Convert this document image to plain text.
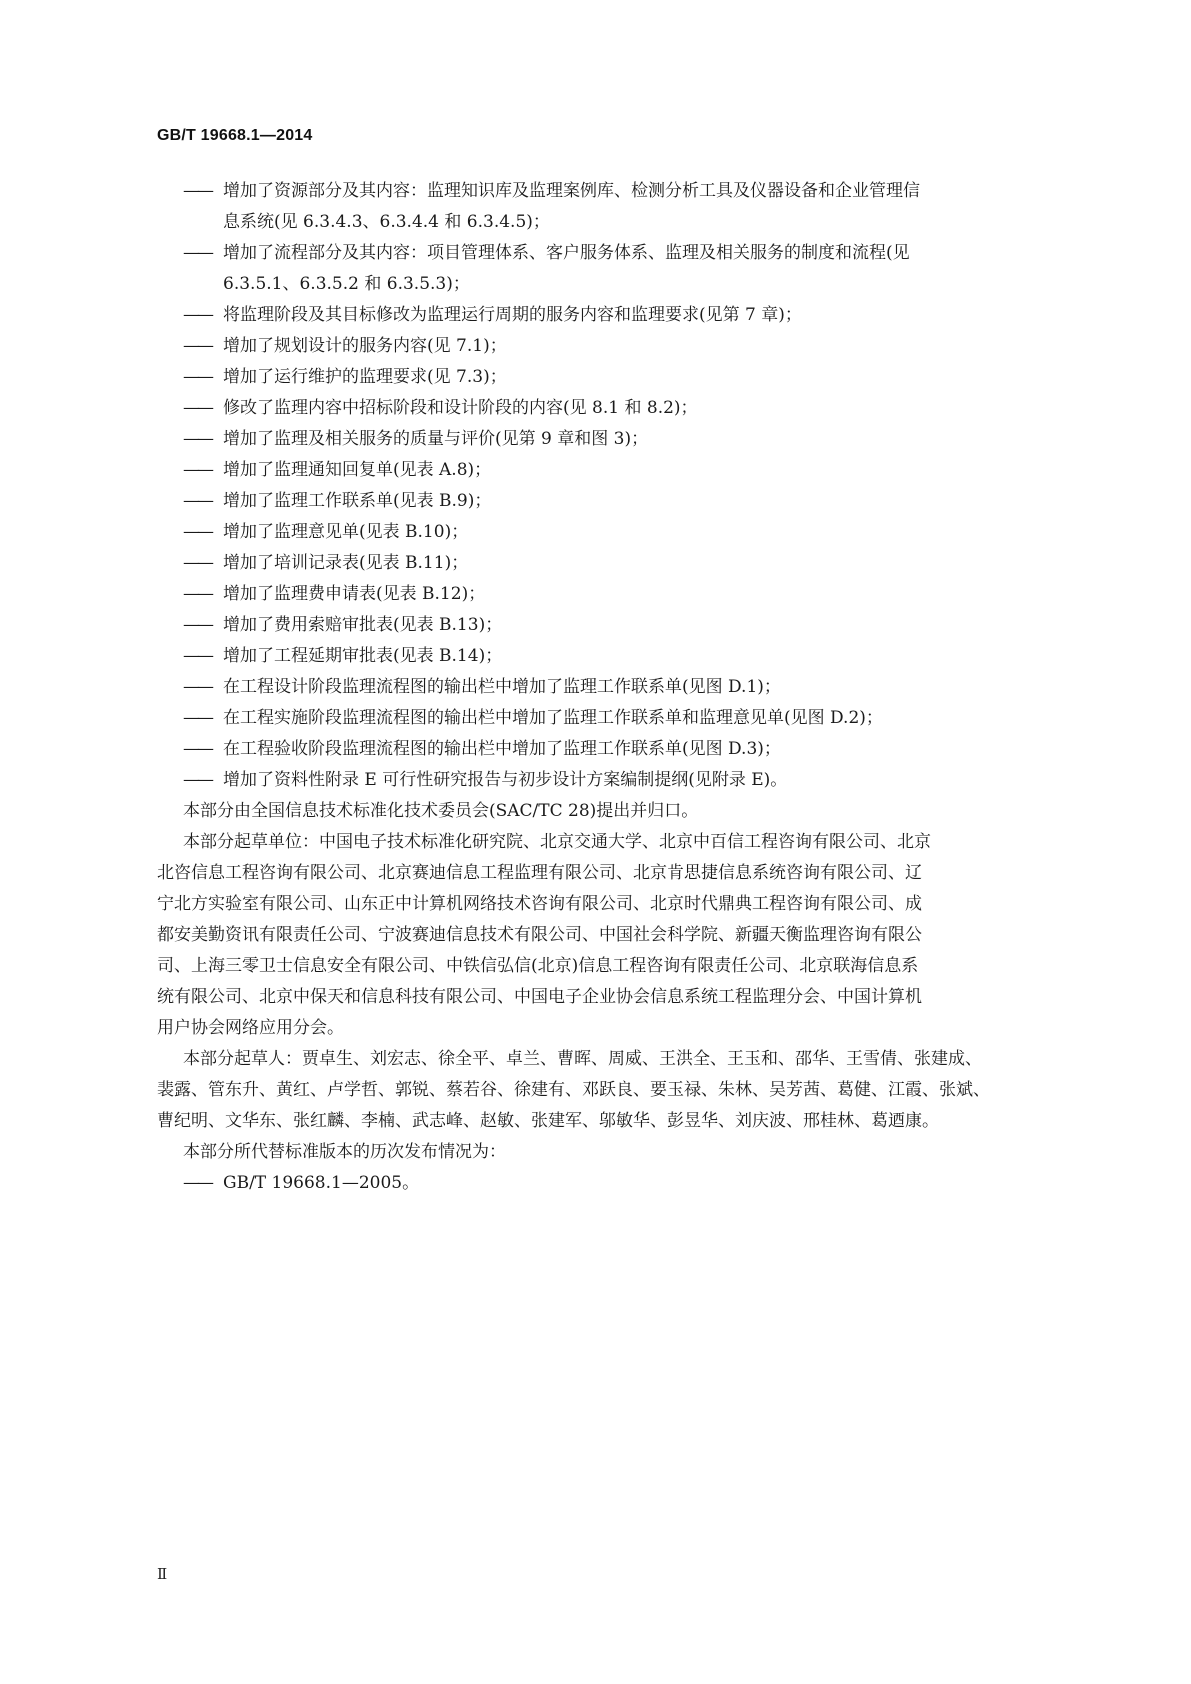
GB/T 19668.1—2014
—— 增加了资源部分及其内容：监理知识库及监理案例库、检测分析工具及仪器设备和企业管理信
息系统(见 6.3.4.3、6.3.4.4 和 6.3.4.5)；
—— 增加了流程部分及其内容：项目管理体系、客户服务体系、监理及相关服务的制度和流程(见
6.3.5.1、6.3.5.2 和 6.3.5.3)；
—— 将监理阶段及其目标修改为监理运行周期的服务内容和监理要求(见第 7 章)；
—— 增加了规划设计的服务内容(见 7.1)；
—— 增加了运行维护的监理要求(见 7.3)；
—— 修改了监理内容中招标阶段和设计阶段的内容(见 8.1 和 8.2)；
—— 增加了监理及相关服务的质量与评价(见第 9 章和图 3)；
—— 增加了监理通知回复单(见表 A.8)；
—— 增加了监理工作联系单(见表 B.9)；
—— 增加了监理意见单(见表 B.10)；
—— 增加了培训记录表(见表 B.11)；
—— 增加了监理费申请表(见表 B.12)；
—— 增加了费用索赔审批表(见表 B.13)；
—— 增加了工程延期审批表(见表 B.14)；
—— 在工程设计阶段监理流程图的输出栏中增加了监理工作联系单(见图 D.1)；
—— 在工程实施阶段监理流程图的输出栏中增加了监理工作联系单和监理意见单(见图 D.2)；
—— 在工程验收阶段监理流程图的输出栏中增加了监理工作联系单(见图 D.3)；
—— 增加了资料性附录 E 可行性研究报告与初步设计方案编制提纲(见附录 E)。
本部分由全国信息技术标准化技术委员会(SAC/TC 28)提出并归口。
本部分起草单位：中国电子技术标准化研究院、北京交通大学、北京中百信工程咨询有限公司、北京
北咨信息工程咨询有限公司、北京赛迪信息工程监理有限公司、北京肯思捷信息系统咨询有限公司、辽
宁北方实验室有限公司、山东正中计算机网络技术咨询有限公司、北京时代鼎典工程咨询有限公司、成
都安美勤资讯有限责任公司、宁波赛迪信息技术有限公司、中国社会科学院、新疆天衡监理咨询有限公
司、上海三零卫士信息安全有限公司、中铁信弘信(北京)信息工程咨询有限责任公司、北京联海信息系
统有限公司、北京中保天和信息科技有限公司、中国电子企业协会信息系统工程监理分会、中国计算机
用户协会网络应用分会。
本部分起草人：贾卓生、刘宏志、徐全平、卓兰、曹晖、周威、王洪全、王玉和、邵华、王雪倩、张建成、
裴露、管东升、黄红、卢学哲、郭锐、蔡若谷、徐建有、邓跃良、要玉禄、朱林、吴芳茜、葛健、江霞、张斌、
曹纪明、文华东、张红麟、李楠、武志峰、赵敏、张建军、邬敏华、彭昱华、刘庆波、邢桂林、葛迺康。
本部分所代替标准版本的历次发布情况为：
—— GB/T 19668.1—2005。
Ⅱ
